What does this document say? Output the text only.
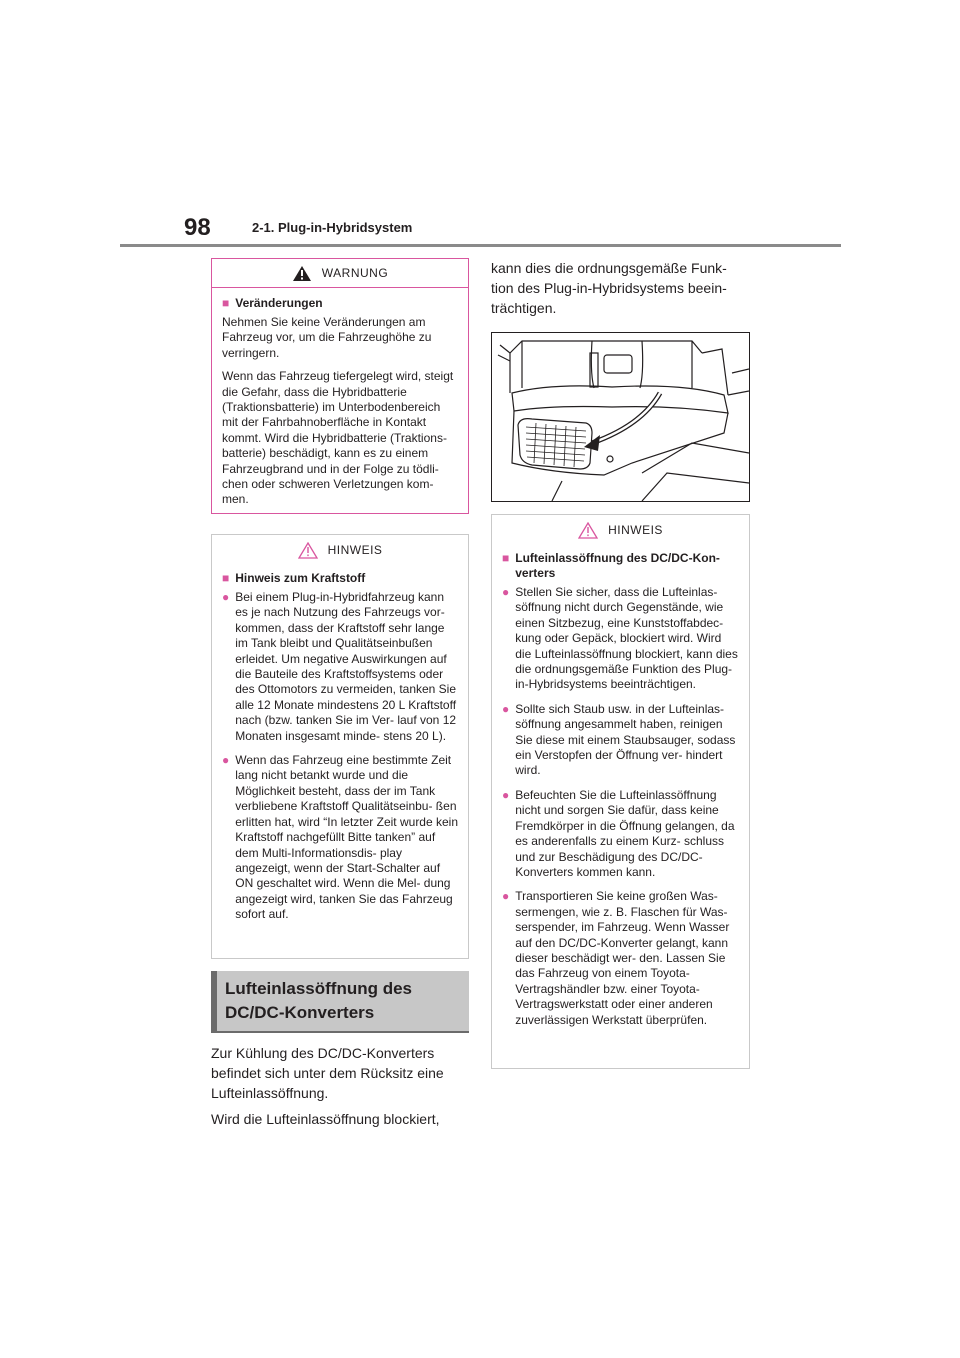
98	2-1. Plug-in-Hybridsystem
WARNUNG
■ Veränderungen

Nehmen Sie keine Veränderungen am Fahrzeug vor, um die Fahrzeughöhe zu verringern.

Wenn das Fahrzeug tiefergelegt wird, steigt die Gefahr, dass die Hybridbatterie (Traktionsbatterie) im Unterbodenbereich mit der Fahrbahnoberfläche in Kontakt kommt. Wird die Hybridbatterie (Traktions- batterie) beschädigt, kann es zu einem Fahrzeugbrand und in der Folge zu tödli- chen oder schweren Verletzungen kom- men.

HINWEIS
■ Hinweis zum Kraftstoff
● Bei einem Plug-in-Hybridfahrzeug kann es je nach Nutzung des Fahrzeugs vor- kommen, dass der Kraftstoff sehr lange im Tank bleibt und Qualitätseinbußen erleidet. Um negative Auswirkungen auf die Bauteile des Kraftstoffsystems oder des Ottomotors zu vermeiden, tanken Sie alle 12 Monate mindestens 20 L Kraftstoff nach (bzw. tanken Sie im Ver- lauf von 12 Monaten insgesamt minde- stens 20 L).
● Wenn das Fahrzeug eine bestimmte Zeit lang nicht betankt wurde und die Möglichkeit besteht, dass der im Tank verbliebene Kraftstoff Qualitätseinbu- ßen erlitten hat, wird “In letzter Zeit wurde kein Kraftstoff nachgefüllt Bitte tanken” auf dem Multi-Informationsdis- play angezeigt, wenn der Start-Schalter auf ON geschaltet wird. Wenn die Mel- dung angezeigt wird, tanken Sie das Fahrzeug sofort auf.
Lufteinlassöffnung des DC/DC-Konverters

Zur Kühlung des DC/DC-Konverters befindet sich unter dem Rücksitz eine Lufteinlassöffnung.

Wird die Lufteinlassöffnung blockiert,

kann dies die ordnungsgemäße Funk- tion des Plug-in-Hybridsystems beein- trächtigen.

HINWEIS
■ Lufteinlassöffnung des DC/DC-Kon- verters
● Stellen Sie sicher, dass die Lufteinlas- söffnung nicht durch Gegenstände, wie einen Sitzbezug, eine Kunststoffabdec- kung oder Gepäck, blockiert wird. Wird die Lufteinlassöffnung blockiert, kann dies die ordnungsgemäße Funktion des Plug-in-Hybridsystems beeinträchtigen.
● Sollte sich Staub usw. in der Lufteinlas- söffnung angesammelt haben, reinigen Sie diese mit einem Staubsauger, sodass ein Verstopfen der Öffnung ver- hindert wird.
● Befeuchten Sie die Lufteinlassöffnung nicht und sorgen Sie dafür, dass keine Fremdkörper in die Öffnung gelangen, da es anderenfalls zu einem Kurz- schluss und zur Beschädigung des DC/DC-Konverters kommen kann.
● Transportieren Sie keine großen Was- sermengen, wie z. B. Flaschen für Was- serspender, im Fahrzeug. Wenn Wasser auf den DC/DC-Konverter gelangt, kann dieser beschädigt wer- den. Lassen Sie das Fahrzeug von einem Toyota-Vertragshändler bzw. einer Toyota-Vertragswerkstatt oder einer anderen zuverlässigen Werkstatt überprüfen.
